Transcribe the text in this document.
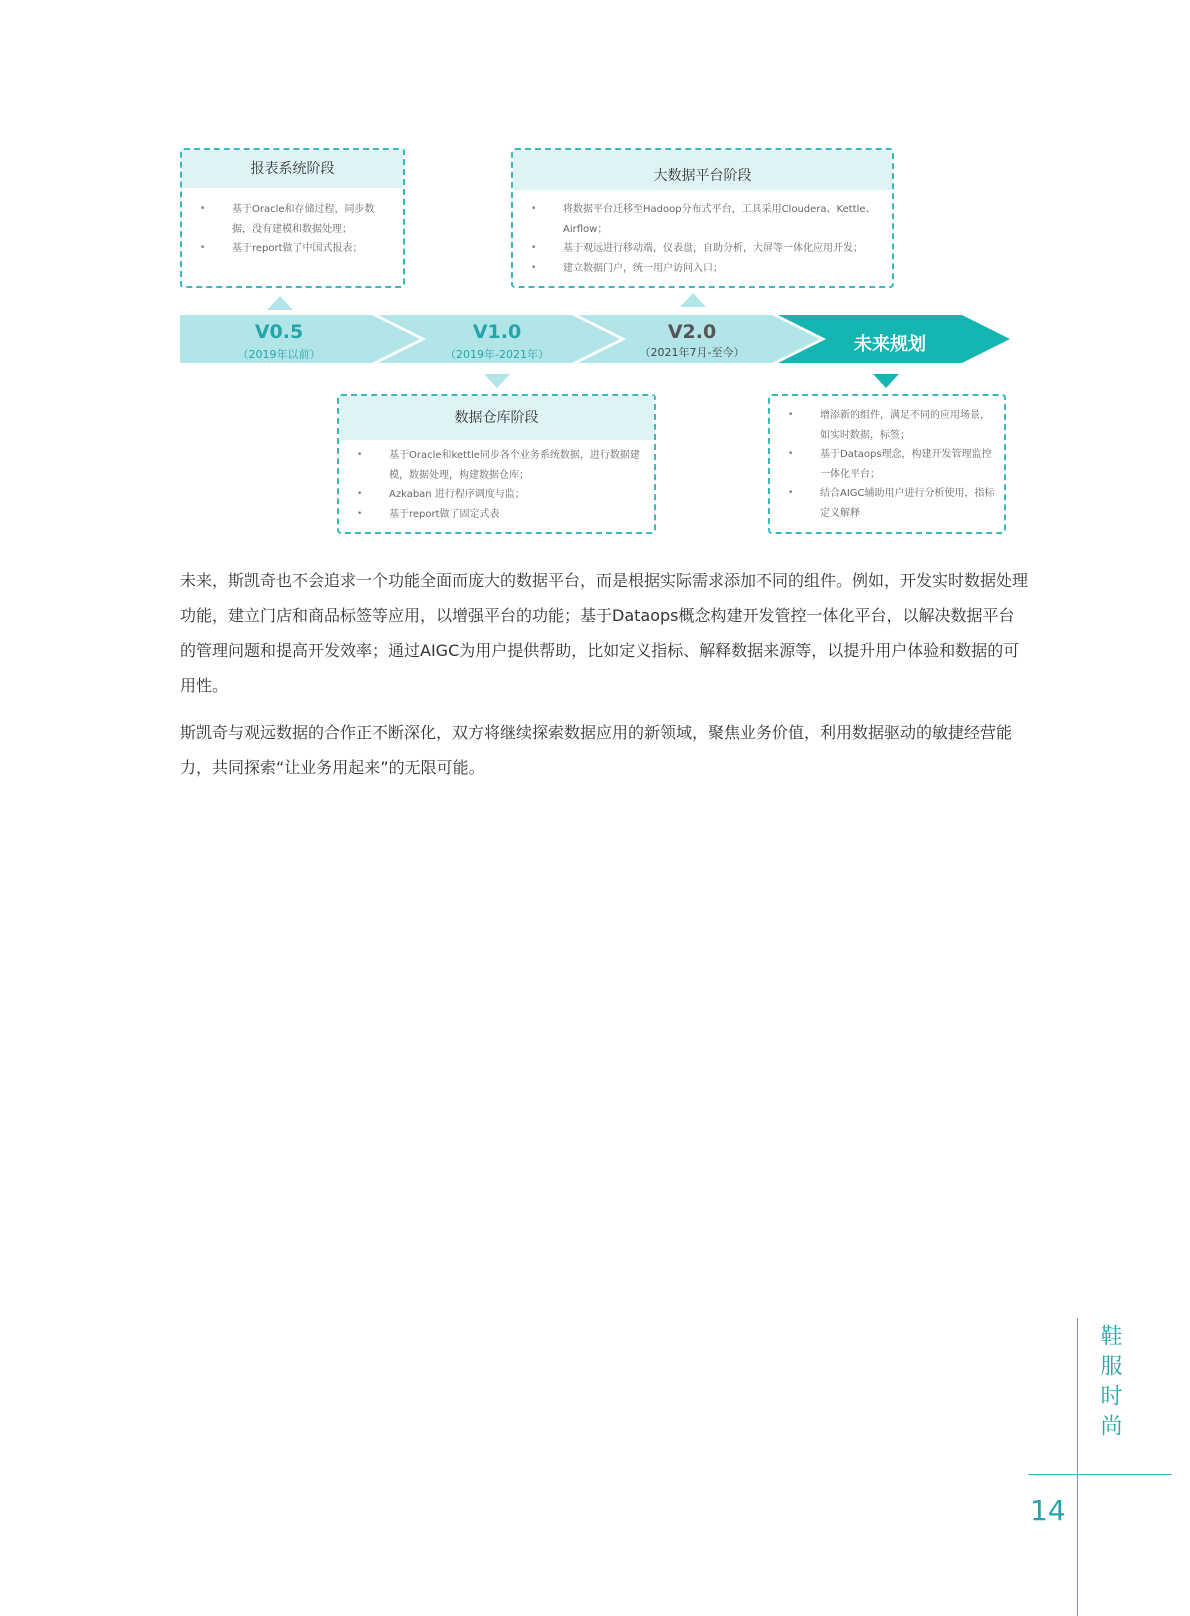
报表系统阶段
• 基于Oracle和存储过程，同步数据，没有建模和数据处理；
• 基于report做了中国式报表；
大数据平台阶段
• 将数据平台迁移至Hadoop分布式平台，工具采用Cloudera、Kettle、Airflow；
• 基于观远进行移动端，仪表盘，自助分析，大屏等一体化应用开发；
• 建立数据门户，统一用户访问入口；
V0.5
（2019年以前）
V1.0
（2019年-2021年）
V2.0
（2021年7月-至今）	未来规划
数据仓库阶段
• 基于Oracle和kettle同步各个业务系统数据，进行数据建模，数据处理，构建数据仓库；
• Azkaban 进行程序调度与监；
• 基于report做了固定式表
• 增添新的组件，满足不同的应用场景，如实时数据，标签；
• 基于Dataops理念，构建开发管理监控一体化平台；
• 结合AIGC辅助用户进行分析使用，指标定义解释

未来，斯凯奇也不会追求一个功能全面而庞大的数据平台，而是根据实际需求添加不同的组件。例如，开发实时数据处理功能，建立门店和商品标签等应用，以增强平台的功能；基于Dataops概念构建开发管控一体化平台，以解决数据平台的管理问题和提高开发效率；通过AIGC为用户提供帮助，比如定义指标、解释数据来源等，以提升用户体验和数据的可用性。

斯凯奇与观远数据的合作正不断深化，双方将继续探索数据应用的新领域，聚焦业务价值，利用数据驱动的敏捷经营能力，共同探索“让业务用起来”的无限可能。

鞋服时尚
14
